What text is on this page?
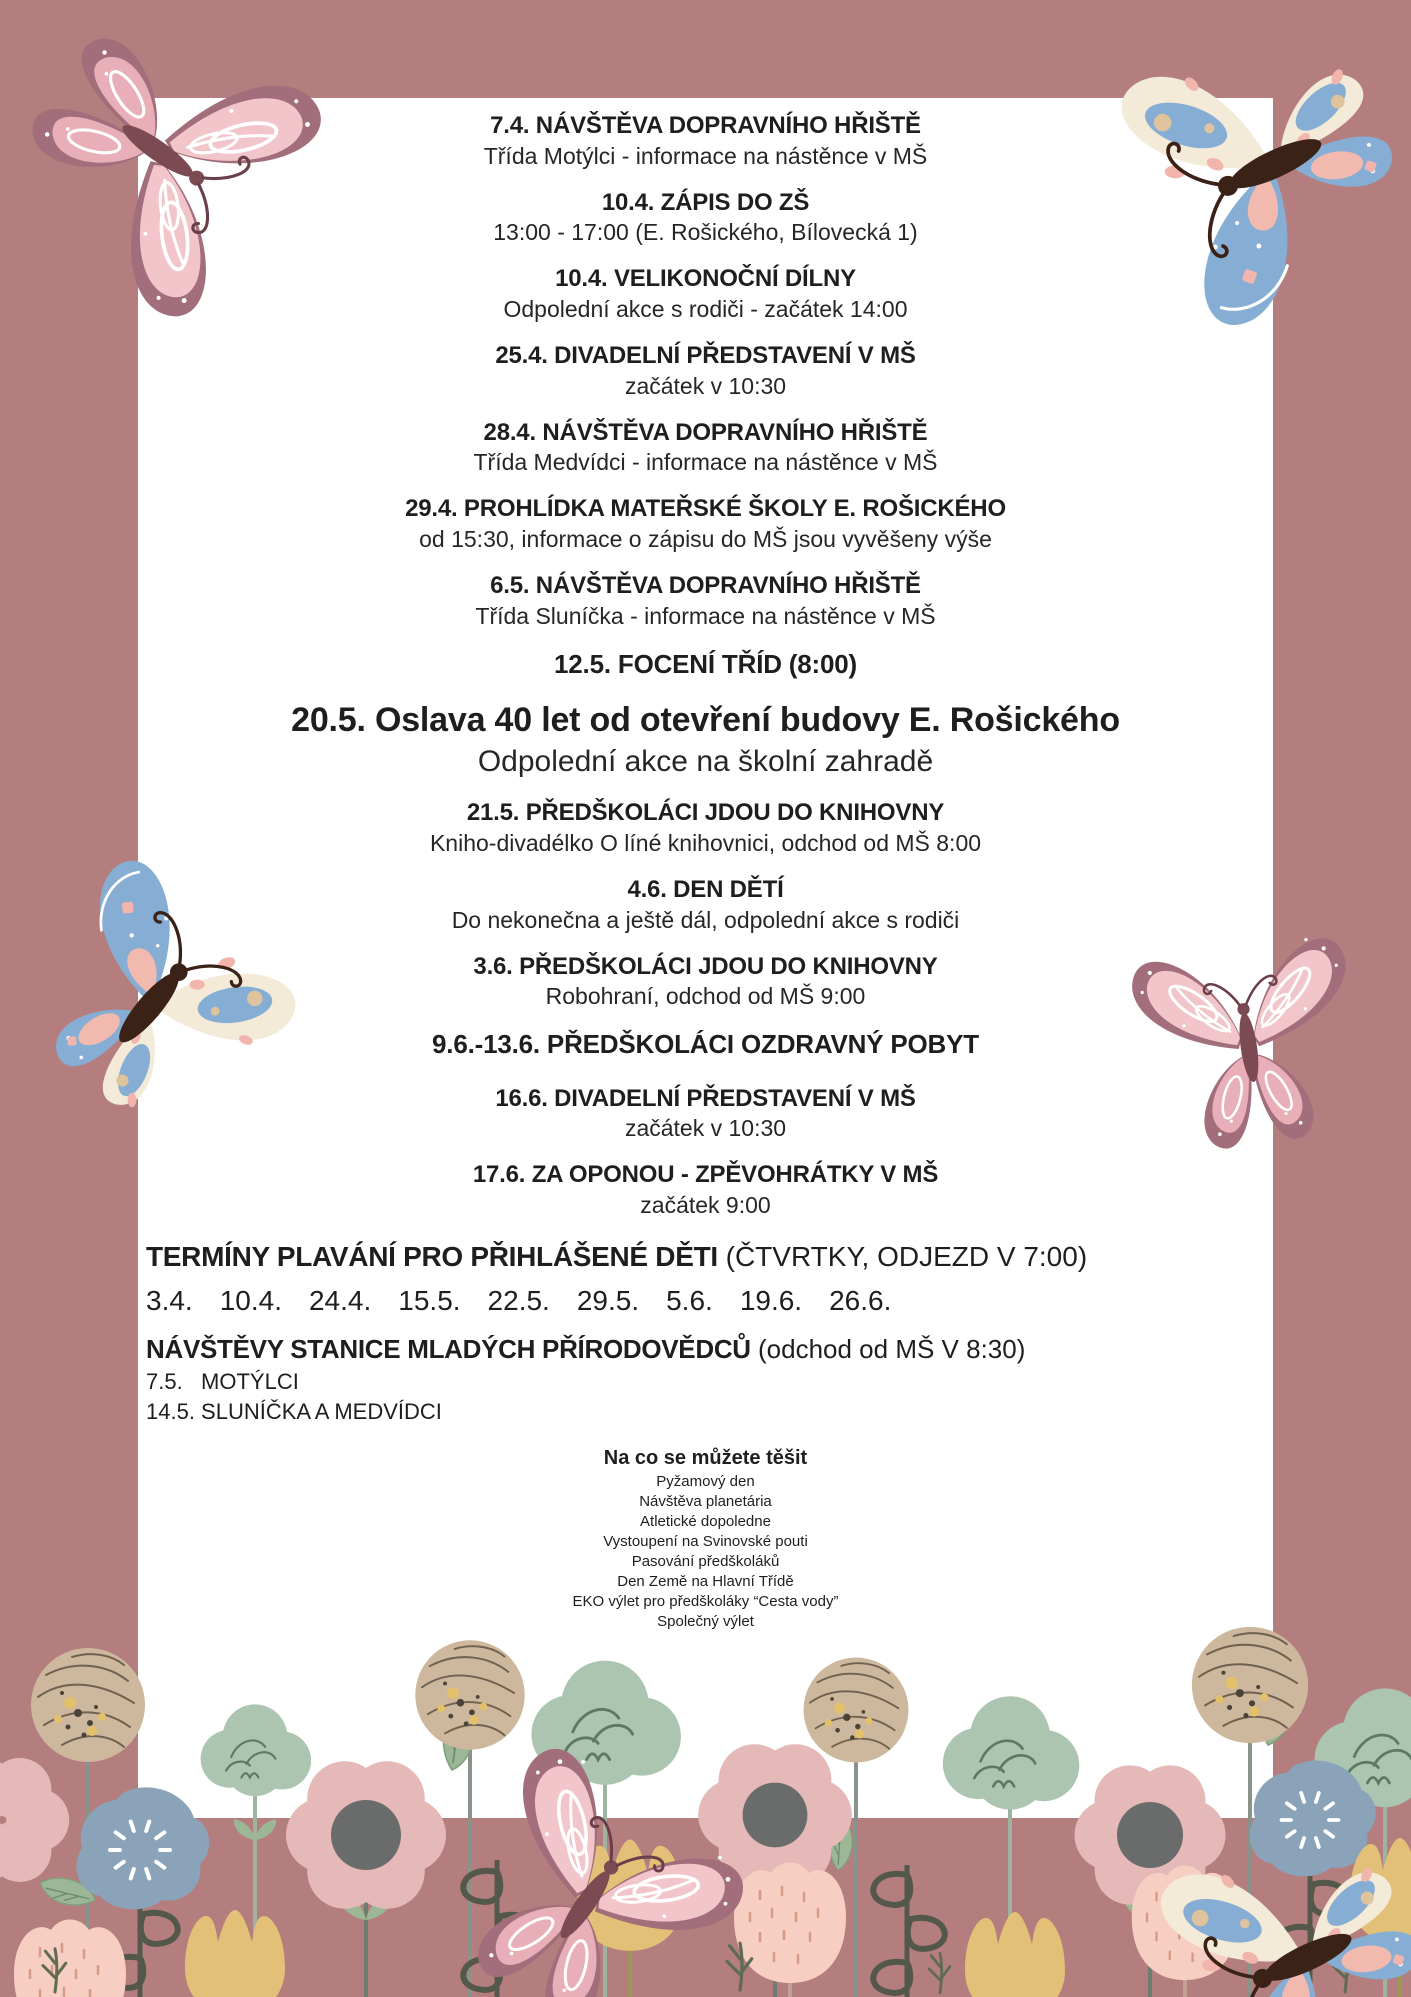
7.4. NÁVŠTĚVA DOPRAVNÍHO HŘIŠTĚ
Třída Motýlci - informace na nástěnce v MŠ
10.4. ZÁPIS DO ZŠ
13:00 - 17:00 (E. Rošického, Bílovecká 1)
10.4. VELIKONOČNÍ DÍLNY
Odpolední akce s rodiči - začátek 14:00
25.4. DIVADELNÍ PŘEDSTAVENÍ V MŠ
začátek v 10:30
28.4. NÁVŠTĚVA DOPRAVNÍHO HŘIŠTĚ
Třída Medvídci - informace na nástěnce v MŠ
29.4. PROHLÍDKA MATEŘSKÉ ŠKOLY E. ROŠICKÉHO
od 15:30, informace o zápisu do MŠ jsou vyvěšeny výše
6.5. NÁVŠTĚVA DOPRAVNÍHO HŘIŠTĚ
Třída Sluníčka - informace na nástěnce v MŠ
12.5. FOCENÍ TŘÍD (8:00)
20.5. Oslava 40 let od otevření budovy E. Rošického
Odpolední akce na školní zahradě
21.5. PŘEDŠKOLÁCI JDOU DO KNIHOVNY
Kniho-divadélko O líné knihovnici, odchod od MŠ 8:00
4.6. DEN DĚTÍ
Do nekonečna a ještě dál, odpolední akce s rodiči
3.6. PŘEDŠKOLÁCI JDOU DO KNIHOVNY
Robohraní, odchod od MŠ 9:00
9.6.-13.6. PŘEDŠKOLÁCI OZDRAVNÝ POBYT
16.6. DIVADELNÍ PŘEDSTAVENÍ V MŠ
začátek v 10:30
17.6. ZA OPONOU - ZPĚVOHRÁTKY V MŠ
začátek 9:00
TERMÍNY PLAVÁNÍ PRO PŘIHLÁŠENÉ DĚTI (ČTVRTKY, ODJEZD V 7:00)
3.4. 10.4. 24.4. 15.5. 22.5. 29.5. 5.6. 19.6. 26.6.
NÁVŠTĚVY STANICE MLADÝCH PŘÍRODOVĚDCŮ (odchod od MŠ V 8:30)
7.5.   MOTÝLCI
14.5. SLUNÍČKA A MEDVÍDCI
Na co se můžete těšit
Pyžamový den
Návštěva planetária
Atletické dopoledne
Vystoupení na Svinovské pouti
Pasování předškoláků
Den Země na Hlavní Třídě
EKO výlet pro předškoláky “Cesta vody”
Společný výlet
